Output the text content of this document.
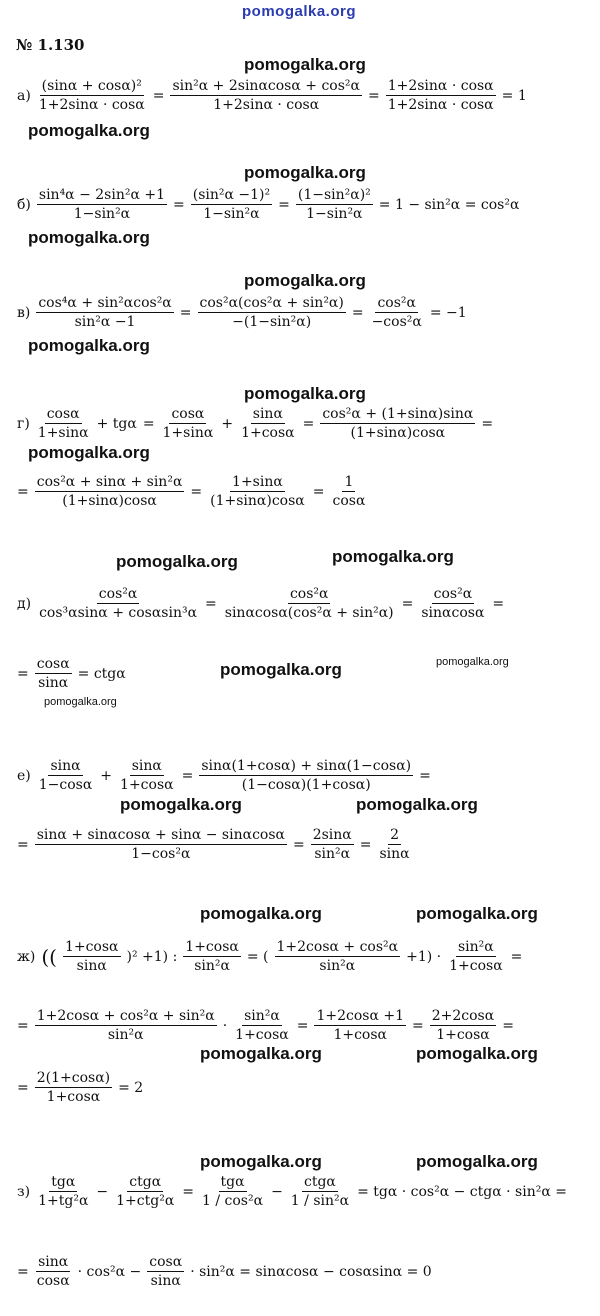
pomogalka.org
№ 1.130
pomogalka.org
pomogalka.org
pomogalka.org
pomogalka.org
pomogalka.org
pomogalka.org
pomogalka.org
pomogalka.org
pomogalka.org	pomogalka.org
pomogalka.org	pomogalka.org
pomogalka.org
pomogalka.org	pomogalka.org
pomogalka.org	pomogalka.org
pomogalka.org	pomogalka.org
pomogalka.org	pomogalka.org
$а) \frac{\text{(sinα + cosα)²}}{1+2\sin\alpha \cdot \cos\alpha} = \frac{\text{sin²α + 2sinαcosα + cos²α}}{1+2\sin\alpha \cdot \cos\alpha} = \frac{1+2\sin\alpha \cdot \cos\alpha}{1+2\sin\alpha \cdot \cos\alpha} = 1$
$б) \frac{\text{sin⁴α − 2sin²α +1}}{\text{1−sin²α}} = \frac{\text{(sin²α −1)²}}{\text{1−sin²α}} = \frac{\text{(1−sin²α)²}}{\text{1−sin²α}} = 1 - \sin^2\alpha = \cos^2\alpha$
$в) \frac{\text{cos⁴α + sin²αcos²α}}{\text{sin²α −1}} = \frac{\text{cos²α(cos²α + sin²α)}}{\text{−(1−sin²α)}} = \frac{\text{cos²α}}{\text{−cos²α}} = -1$
$г) \frac{\cos\alpha}{1+\sin\alpha} + tg\alpha = \frac{\cos\alpha}{1+\sin\alpha} + \frac{\sin\alpha}{1+\cos\alpha} = \frac{\text{cos²α + (1+sinα)sinα}}{(1+\sin\alpha)\cos\alpha}$ =
= $\frac{\text{cos²α + sinα + sin²α}}{(1+\sin\alpha)\cos\alpha} = \frac{1+\sin\alpha}{(1+\sin\alpha)\cos\alpha} = \frac{1}{\cos\alpha}$
$д) \frac{\text{cos²α}}{\text{cos³αsinα + cosαsin³α}} = \frac{\text{cos²α}}{\text{sinαcosα(cos²α + sin²α)}} = \frac{\text{cos²α}}{\sin\alpha\cos\alpha}$ =
= $\frac{\cos\alpha}{\sin\alpha} = ctg\alpha$
$е) \frac{\sin\alpha}{1-\cos\alpha} + \frac{\sin\alpha}{1+\cos\alpha} = \frac{\sin\alpha(1+\cos\alpha) + \sin\alpha(1-\cos\alpha)}{(1-\cos\alpha)(1+\cos\alpha)}$ =
= $\frac{\sin\alpha + \sin\alpha\cos\alpha + \sin\alpha - \sin\alpha\cos\alpha}{\text{1−cos²α}} = \frac{2\sin\alpha}{\text{sin²α}} = \frac{2}{\sin\alpha}$
ж) (( $\frac{1+\cos\alpha}{\sin\alpha} )^2 +1$) : $\frac{1+\cos\alpha}{\text{sin²α}}$ = ( $\frac{\text{1+2cosα + cos²α}}{\text{sin²α}} +1) \cdot \frac{\text{sin²α}}{1+\cos\alpha}$ =
= $\frac{\text{1+2cosα + cos²α + sin²α}}{\text{sin²α}} \cdot \frac{\text{sin²α}}{1+\cos\alpha} = \frac{1+2\cos\alpha +1}{1+\cos\alpha} = \frac{2+2\cos\alpha}{1+\cos\alpha}$ =
= $\frac{2(1+\cos\alpha)}{1+\cos\alpha} = 2$
$з) \frac{\text{tgα}}{\text{1+tg²α}} - \frac{\text{ctgα}}{\text{1+ctg²α}} = \frac{\text{tgα}}{\text{1 / cos²α}} - \frac{\text{ctgα}}{\text{1 / sin²α}} = tg\alpha \cdot \cos^2\alpha - ctg\alpha \cdot \sin^2\alpha$ =
= $\frac{\sin\alpha}{\cos\alpha} \cdot \cos^2\alpha - \frac{\cos\alpha}{\sin\alpha} \cdot \sin^2\alpha = \sin\alpha\cos\alpha - \cos\alpha\sin\alpha = 0$
